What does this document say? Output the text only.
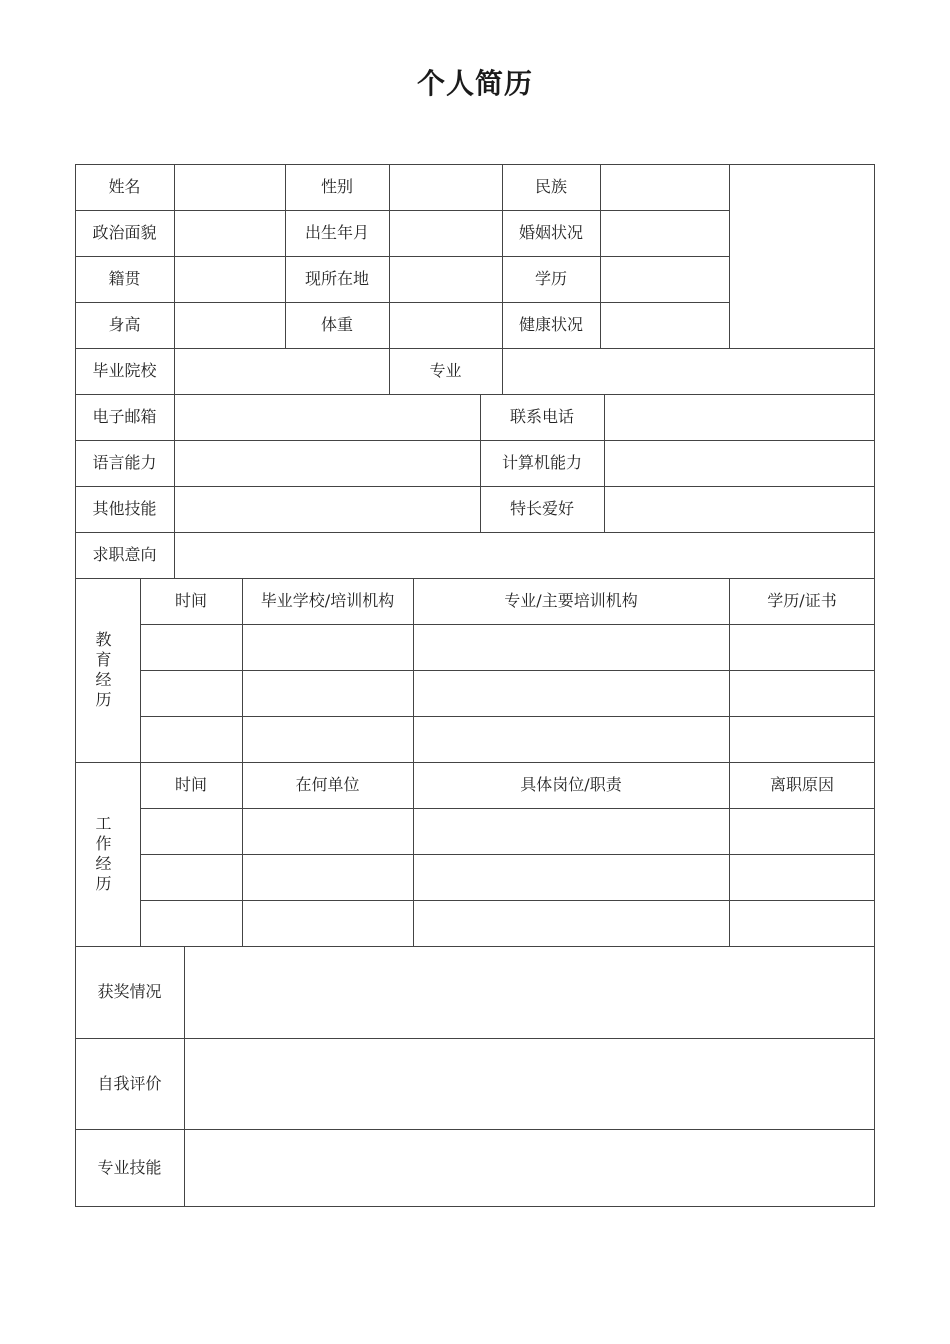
个人简历
姓名	性别	民族
政治面貌	出生年月	婚姻状况
籍贯	现所在地	学历
身高	体重	健康状况
毕业院校	专业
电子邮箱	联系电话
语言能力	计算机能力
其他技能	特长爱好
求职意向
教 育 经 历
时间	毕业学校/培训机构	专业/主要培训机构	学历/证书
工 作 经 历
时间	在何单位	具体岗位/职责	离职原因
获奖情况
自我评价
专业技能
